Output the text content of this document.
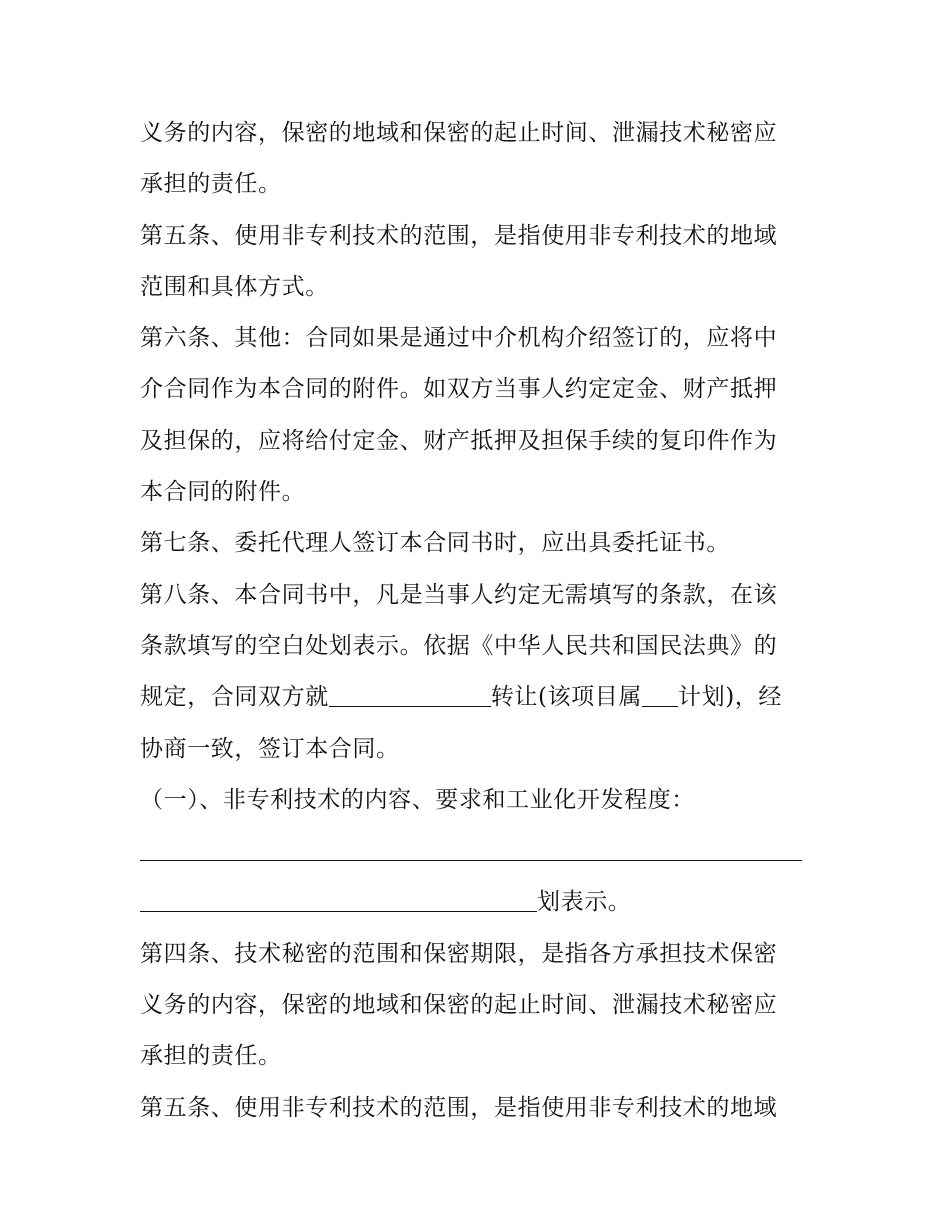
义务的内容，保密的地域和保密的起止时间、泄漏技术秘密应
承担的责任。
第五条、使用非专利技术的范围，是指使用非专利技术的地域
范围和具体方式。
第六条、其他：合同如果是通过中介机构介绍签订的，应将中
介合同作为本合同的附件。如双方当事人约定定金、财产抵押
及担保的，应将给付定金、财产抵押及担保手续的复印件作为
本合同的附件。
第七条、委托代理人签订本合同书时，应出具委托证书。
第八条、本合同书中，凡是当事人约定无需填写的条款，在该
条款填写的空白处划表示。依据《中华人民共和国民法典》的
规定，合同双方就	转让(该项目属 计划)，经
协商一致，签订本合同。
（一）、非专利技术的内容、要求和工业化开发程度：
划表示。
第四条、技术秘密的范围和保密期限，是指各方承担技术保密
义务的内容，保密的地域和保密的起止时间、泄漏技术秘密应
承担的责任。
第五条、使用非专利技术的范围，是指使用非专利技术的地域
